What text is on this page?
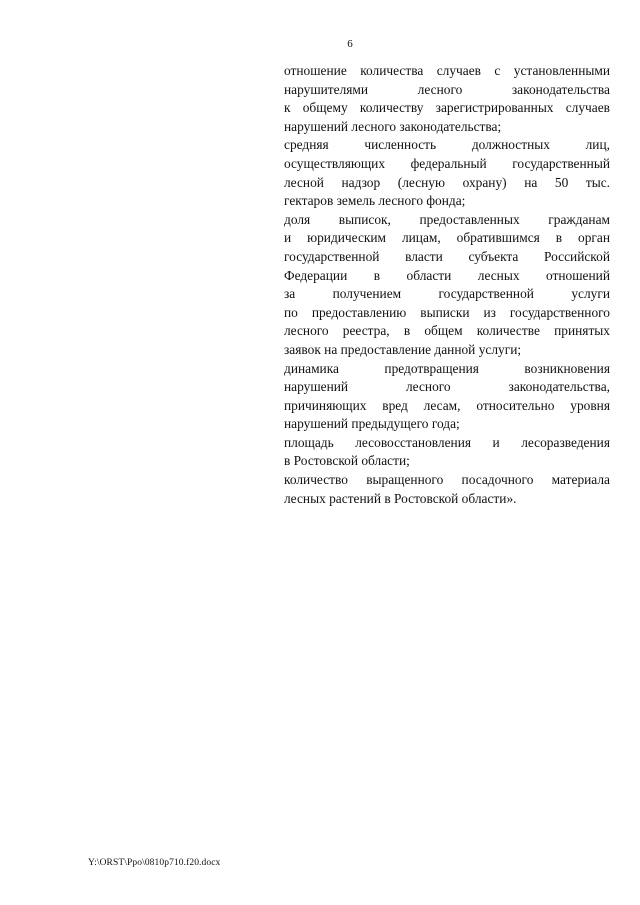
6
отношение количества случаев с установленными
нарушителями лесного законодательства
к общему количеству зарегистрированных случаев
нарушений лесного законодательства;
средняя численность должностных лиц,
осуществляющих федеральный государственный
лесной надзор (лесную охрану) на 50 тыс.
гектаров земель лесного фонда;
доля выписок, предоставленных гражданам
и юридическим лицам, обратившимся в орган
государственной власти субъекта Российской
Федерации в области лесных отношений
за получением государственной услуги
по предоставлению выписки из государственного
лесного реестра, в общем количестве принятых
заявок на предоставление данной услуги;
динамика предотвращения возникновения
нарушений лесного законодательства,
причиняющих вред лесам, относительно уровня
нарушений предыдущего года;
площадь лесовосстановления и лесоразведения
в Ростовской области;
количество выращенного посадочного материала
лесных растений в Ростовской области».
Y:\ORST\Ppo\0810p710.f20.docx
